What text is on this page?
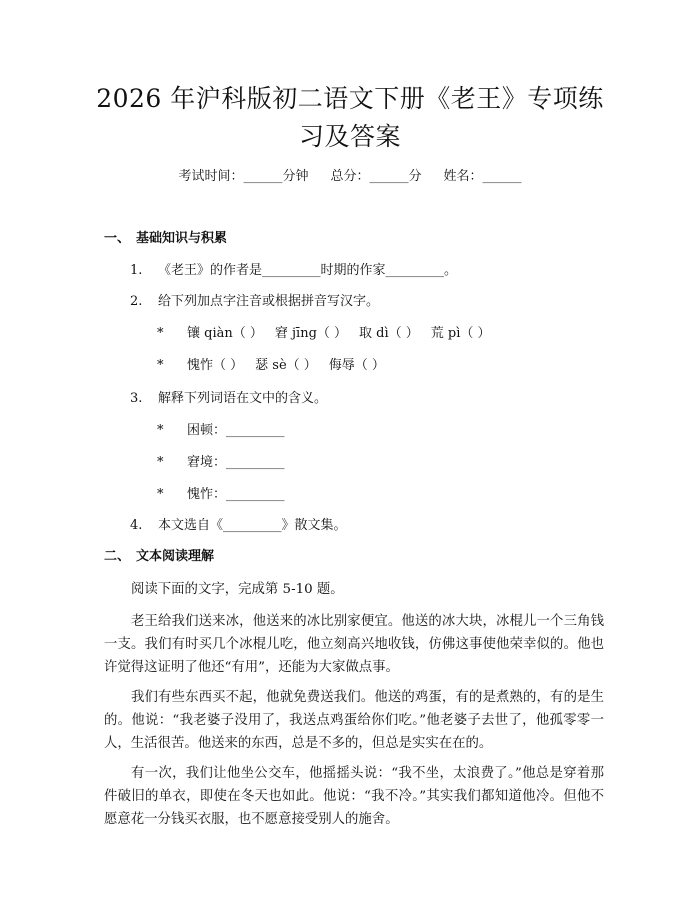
2026 年沪科版初二语文下册《老王》专项练
习及答案
考试时间：______分钟 总分：______分 姓名：______
一、 基础知识与积累
1. 《老王》的作者是_________时期的作家_________。
2. 给下列加点字注音或根据拼音写汉字。
* 镶 qiàn（ ） 窘 jīng（ ） 取 dì（ ） 荒 pì（ ）
* 愧怍（ ） 瑟 sè（ ） 侮辱（ ）
3. 解释下列词语在文中的含义。
* 困顿：_________
* 窘境：_________
* 愧怍：_________
4. 本文选自《_________》散文集。
二、 文本阅读理解
阅读下面的文字，完成第 5-10 题。
老王给我们送来冰，他送来的冰比别家便宜。他送的冰大块，冰棍儿一个三角钱一支。我们有时买几个冰棍儿吃，他立刻高兴地收钱，仿佛这事使他荣幸似的。他也许觉得这证明了他还“有用”，还能为大家做点事。
我们有些东西买不起，他就免费送我们。他送的鸡蛋，有的是煮熟的，有的是生的。他说：“我老婆子没用了，我送点鸡蛋给你们吃。”他老婆子去世了，他孤零零一人，生活很苦。他送来的东西，总是不多的，但总是实实在在的。
有一次，我们让他坐公交车，他摇摇头说：“我不坐，太浪费了。”他总是穿着那件破旧的单衣，即使在冬天也如此。他说：“我不冷。”其实我们都知道他冷。但他不愿意花一分钱买衣服，也不愿意接受别人的施舍。
